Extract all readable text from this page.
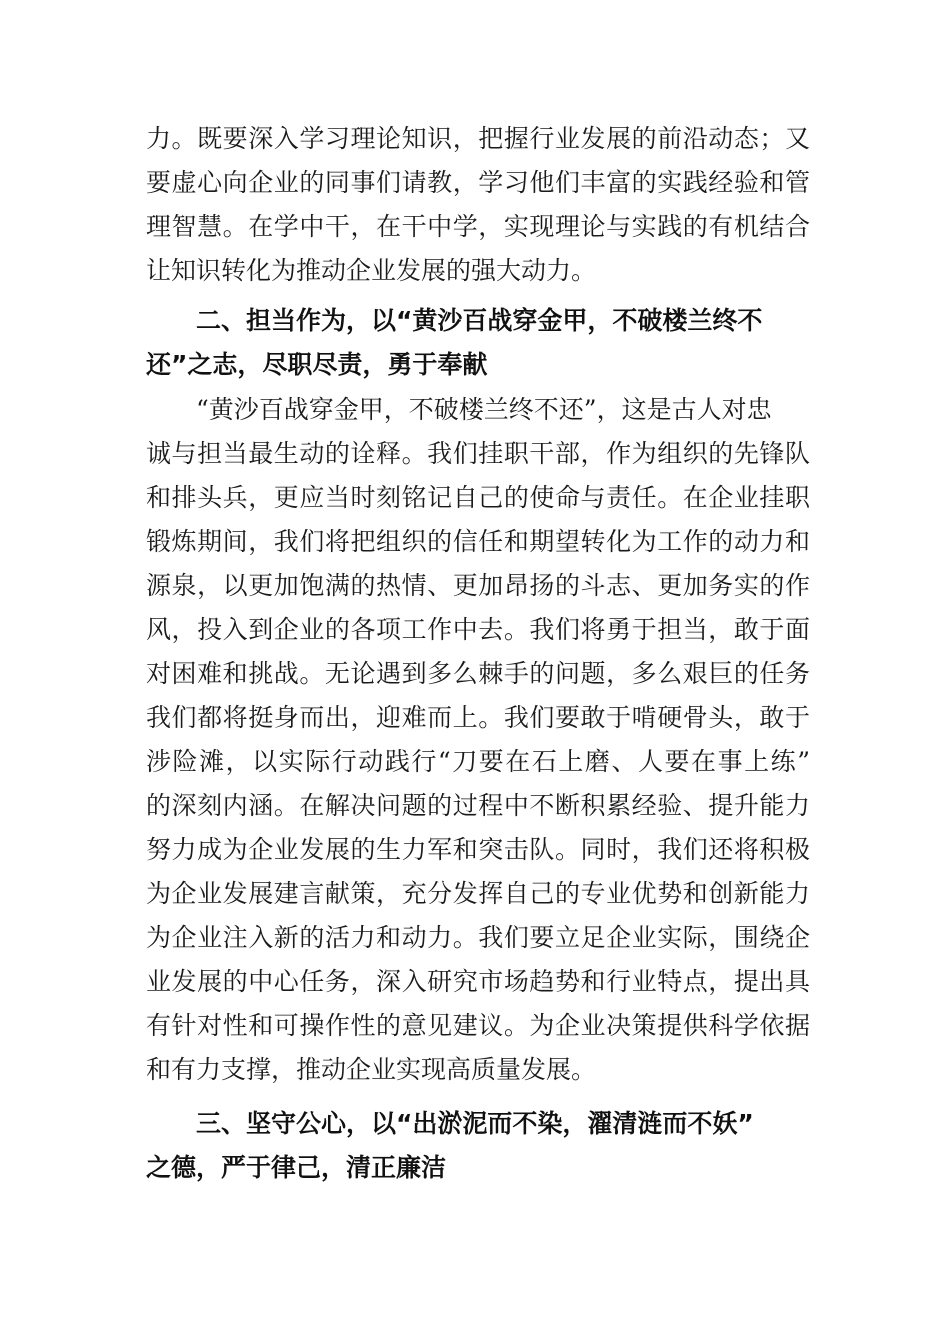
力。既要深入学习理论知识，把握行业发展的前沿动态；又
要虚心向企业的同事们请教，学习他们丰富的实践经验和管
理智慧。在学中干，在干中学，实现理论与实践的有机结合
让知识转化为推动企业发展的强大动力。
二、担当作为，以“黄沙百战穿金甲，不破楼兰终不
还”之志，尽职尽责，勇于奉献
“黄沙百战穿金甲，不破楼兰终不还”，这是古人对忠
诚与担当最生动的诠释。我们挂职干部，作为组织的先锋队
和排头兵，更应当时刻铭记自己的使命与责任。在企业挂职
锻炼期间，我们将把组织的信任和期望转化为工作的动力和
源泉，以更加饱满的热情、更加昂扬的斗志、更加务实的作
风，投入到企业的各项工作中去。我们将勇于担当，敢于面
对困难和挑战。无论遇到多么棘手的问题，多么艰巨的任务
我们都将挺身而出，迎难而上。我们要敢于啃硬骨头，敢于
涉险滩，以实际行动践行“刀要在石上磨、人要在事上练”
的深刻内涵。在解决问题的过程中不断积累经验、提升能力
努力成为企业发展的生力军和突击队。同时，我们还将积极
为企业发展建言献策，充分发挥自己的专业优势和创新能力
为企业注入新的活力和动力。我们要立足企业实际，围绕企
业发展的中心任务，深入研究市场趋势和行业特点，提出具
有针对性和可操作性的意见建议。为企业决策提供科学依据
和有力支撑，推动企业实现高质量发展。
三、坚守公心，以“出淤泥而不染，濯清涟而不妖”
之德，严于律己，清正廉洁
